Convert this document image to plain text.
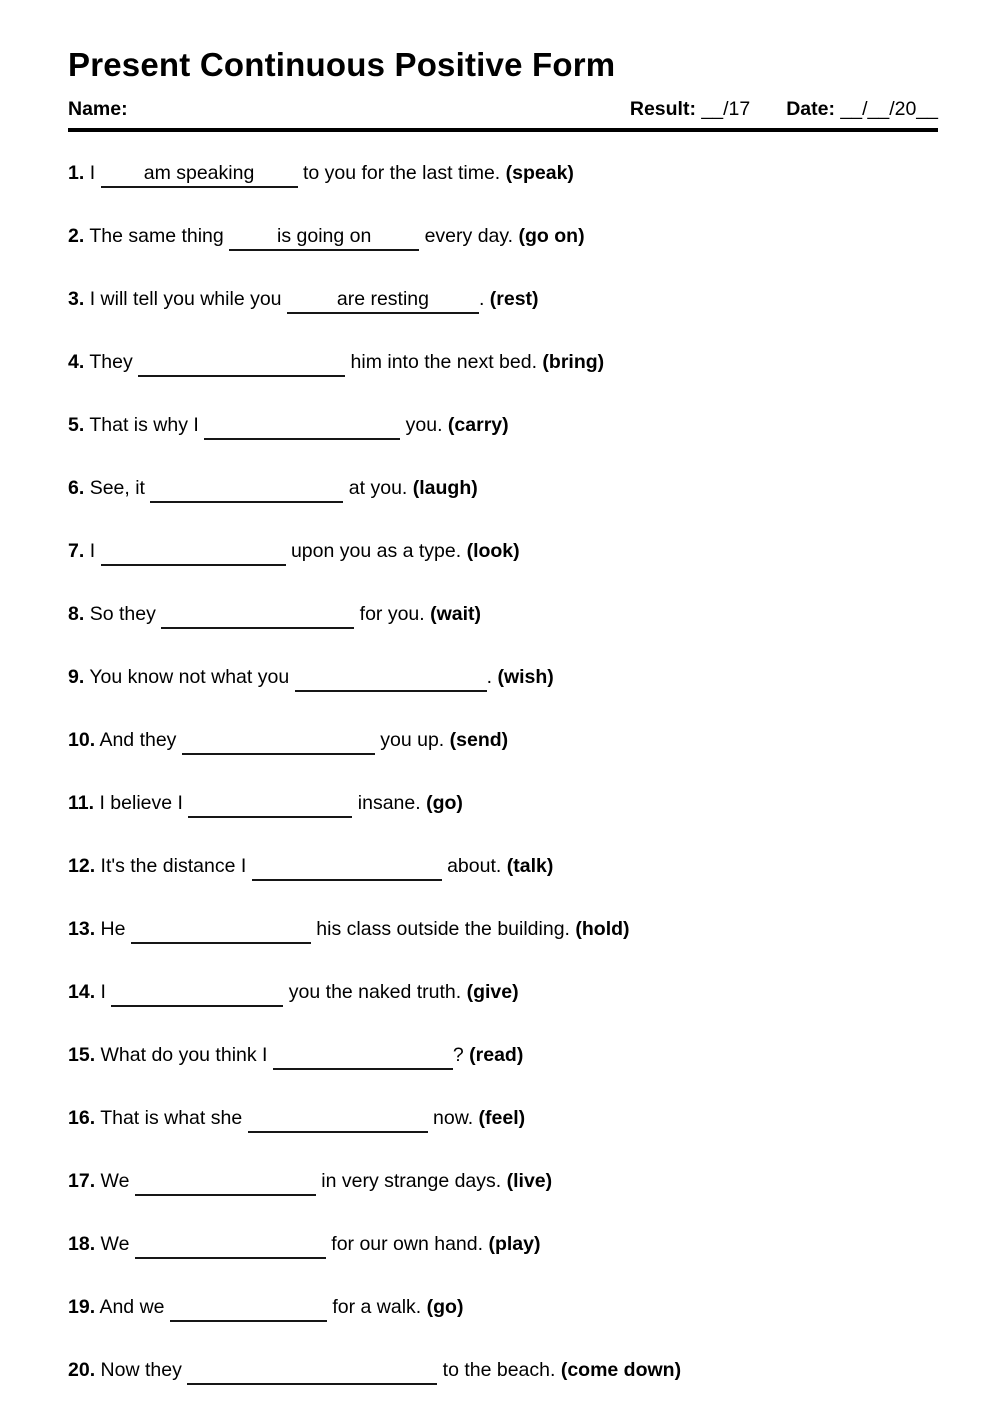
Present Continuous Positive Form
Name:	Result: __/17 Date: __/__/20__
1. I am speaking to you for the last time. (speak)
2. The same thing is going on every day. (go on)
3. I will tell you while you	are resting	. (rest)
4. They	him into the next bed. (bring)
5. That is why I	you. (carry)
6. See, it	at you. (laugh)
7. I	upon you as a type. (look)
8. So they	for you. (wait)
9. You know not what you	. (wish)
10. And they	you up. (send)
11. I believe I	insane. (go)
12. It's the distance I	about. (talk)
13. He	his class outside the building. (hold)
14. I	you the naked truth. (give)
15. What do you think I	? (read)
16. That is what she	now. (feel)
17. We	in very strange days. (live)
18. We	for our own hand. (play)
19. And we	for a walk. (go)
20. Now they	to the beach. (come down)
